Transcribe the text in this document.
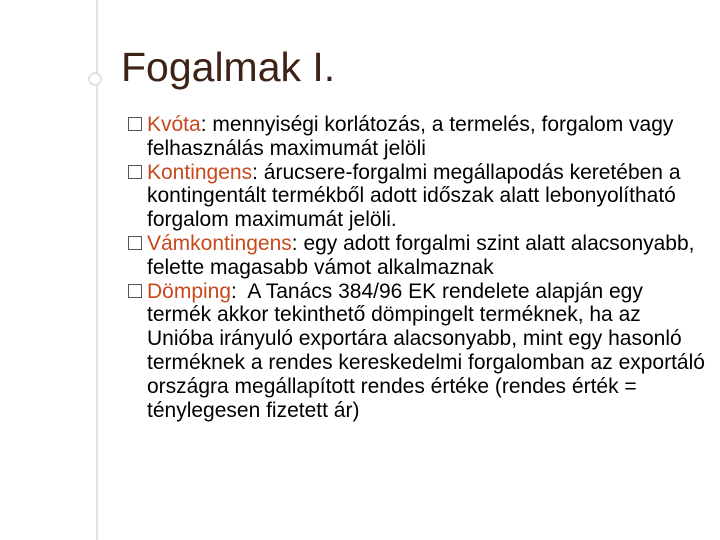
Fogalmak I.
Kvóta: mennyiségi korlátozás, a termelés, forgalom vagy felhasználás maximumát jelöli
Kontingens: árucsere-forgalmi megállapodás keretében a kontingentált termékből adott időszak alatt lebonyolítható forgalom maximumát jelöli.
Vámkontingens: egy adott forgalmi szint alatt alacsonyabb, felette magasabb vámot alkalmaznak
Dömping:  A Tanács 384/96 EK rendelete alapján egy termék akkor tekinthető dömpingelt terméknek, ha az Unióba irányuló exportára alacsonyabb, mint egy hasonló terméknek a rendes kereskedelmi forgalomban az exportáló országra megállapított rendes értéke (rendes érték = ténylegesen fizetett ár)
